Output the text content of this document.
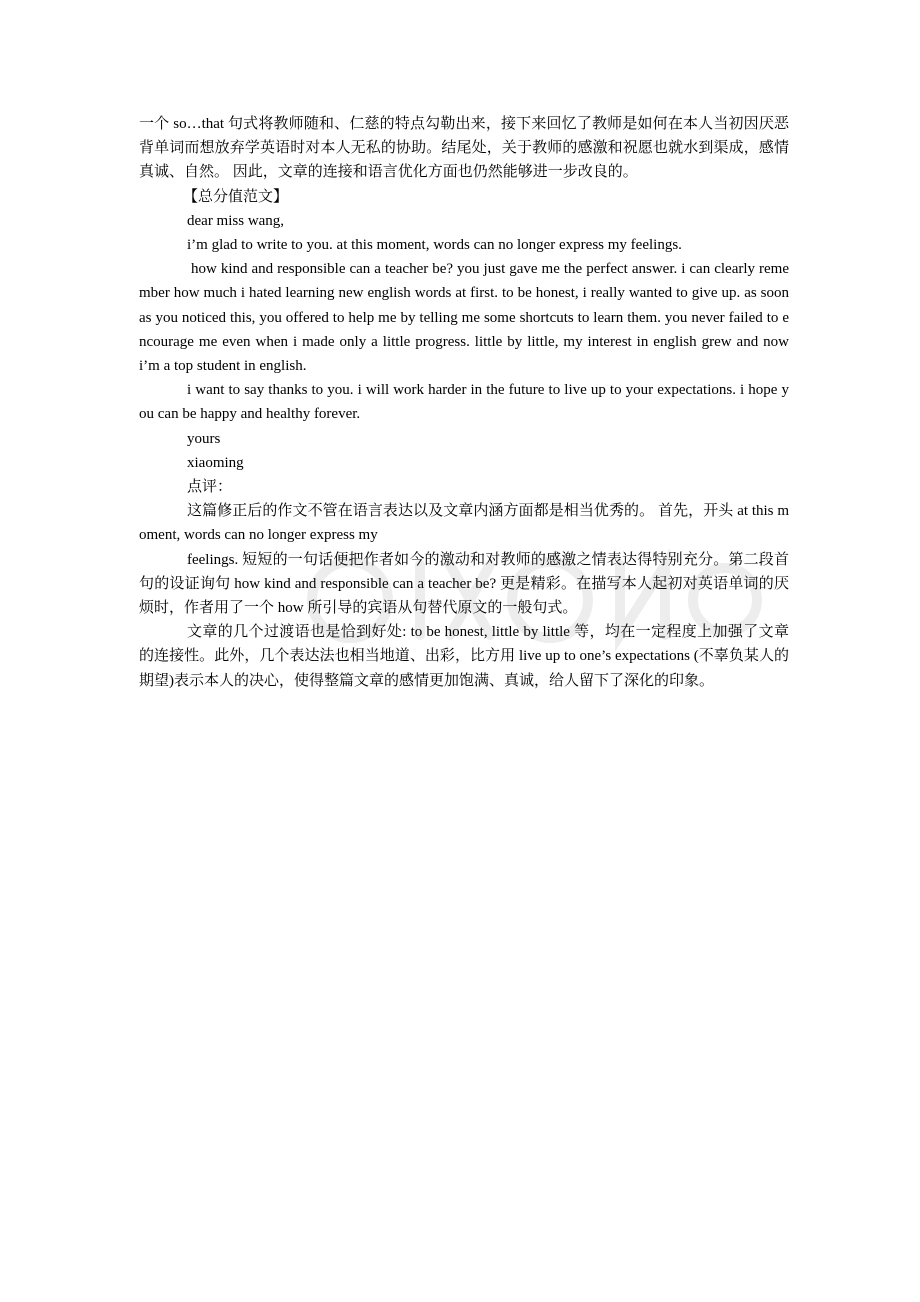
一个 so…that 句式将教师随和、仁慈的特点勾勒出来，接下来回忆了教师是如何在本人当初因厌恶背单词而想放弃学英语时对本人无私的协助。结尾处，关于教师的感激和祝愿也就水到渠成，感情真诚、自然。 因此，文章的连接和语言优化方面也仍然能够进一步改良的。

【总分值范文】

dear miss wang,

i’m glad to write to you. at this moment, words can no longer express my feelings.

how kind and responsible can a teacher be? you just gave me the perfect answer. i can clearly remember how much i hated learning new english words at first. to be honest, i really wanted to give up. as soon as you noticed this, you offered to help me by telling me some shortcuts to learn them. you never failed to encourage me even when i made only a little progress. little by little, my interest in english grew and now i’m a top student in english.

i want to say thanks to you. i will work harder in the future to live up to your expectations. i hope you can be happy and healthy forever.

yours

xiaoming

点评：

这篇修正后的作文不管在语言表达以及文章内涵方面都是相当优秀的。 首先，开头 at this moment, words can no longer express my

feelings. 短短的一句话便把作者如今的激动和对教师的感激之情表达得特别充分。第二段首句的设证询句 how kind and responsible can a teacher be? 更是精彩。在描写本人起初对英语单词的厌烦时，作者用了一个 how 所引导的宾语从句替代原文的一般句式。

文章的几个过渡语也是恰到好处: to be honest, little by little 等，均在一定程度上加强了文章的连接性。此外，几个表达法也相当地道、出彩，比方用 live up to one’s expectations (不辜负某人的期望)表示本人的决心，使得整篇文章的感情更加饱满、真诚，给人留下了深化的印象。
